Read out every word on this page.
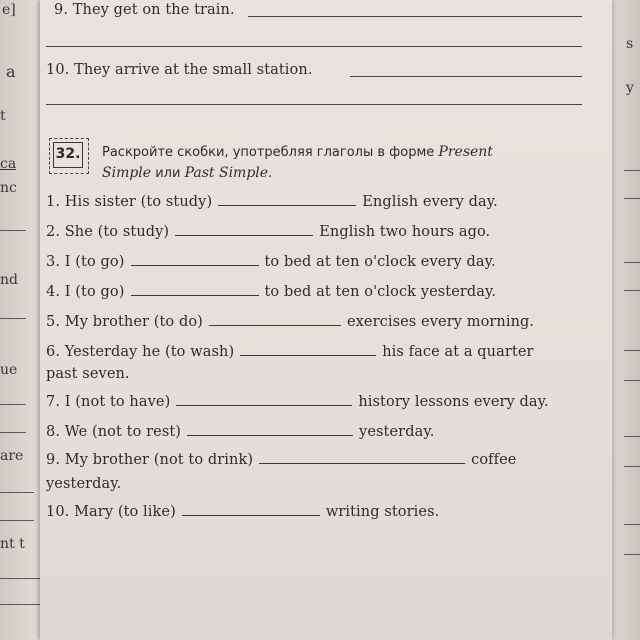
e]
a
t
ca
nc
nd
ue
are
nt t
s
y
9. They get on the train.
10. They arrive at the small station.
32. Раскройте скобки, употребляя глаголы в форме Present
Simple или Past Simple.
1. His sister (to study)	English every day.
2. She (to study)	English two hours ago.
3. I (to go)	to bed at ten o'clock every day.
4. I (to go)	to bed at ten o'clock yesterday.
5. My brother (to do)	exercises every morning.
6. Yesterday he (to wash)	his face at a quarter
past seven.
7. I (not to have)	history lessons every day.
8. We (not to rest)	yesterday.
9. My brother (not to drink)	coffee
yesterday.
10. Mary (to like)	writing stories.
